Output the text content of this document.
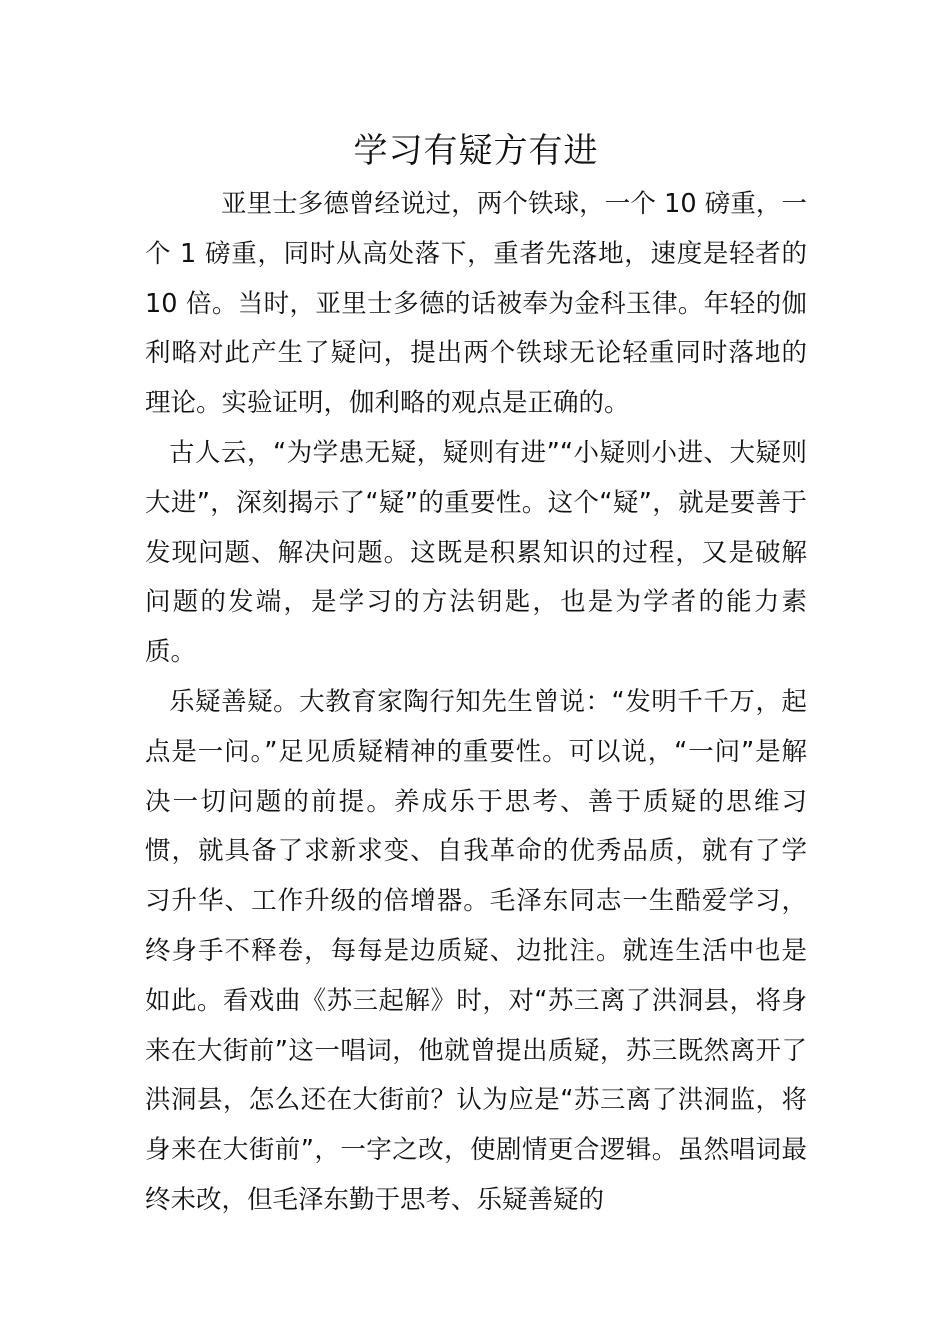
学习有疑方有进

亚里士多德曾经说过，两个铁球，一个 10 磅重，一个 1 磅重，同时从高处落下，重者先落地，速度是轻者的 10 倍。当时，亚里士多德的话被奉为金科玉律。年轻的伽利略对此产生了疑问，提出两个铁球无论轻重同时落地的理论。实验证明，伽利略的观点是正确的。

古人云，“为学患无疑，疑则有进”“小疑则小进、大疑则大进”，深刻揭示了“疑”的重要性。这个“疑”，就是要善于发现问题、解决问题。这既是积累知识的过程，又是破解问题的发端，是学习的方法钥匙，也是为学者的能力素质。

乐疑善疑。大教育家陶行知先生曾说：“发明千千万，起点是一问。”足见质疑精神的重要性。可以说，“一问”是解决一切问题的前提。养成乐于思考、善于质疑的思维习惯，就具备了求新求变、自我革命的优秀品质，就有了学习升华、工作升级的倍增器。毛泽东同志一生酷爱学习，终身手不释卷，每每是边质疑、边批注。就连生活中也是如此。看戏曲《苏三起解》时，对“苏三离了洪洞县，将身来在大街前”这一唱词，他就曾提出质疑，苏三既然离开了洪洞县，怎么还在大街前？认为应是“苏三离了洪洞监，将身来在大街前”，一字之改，使剧情更合逻辑。虽然唱词最终未改，但毛泽东勤于思考、乐疑善疑的
